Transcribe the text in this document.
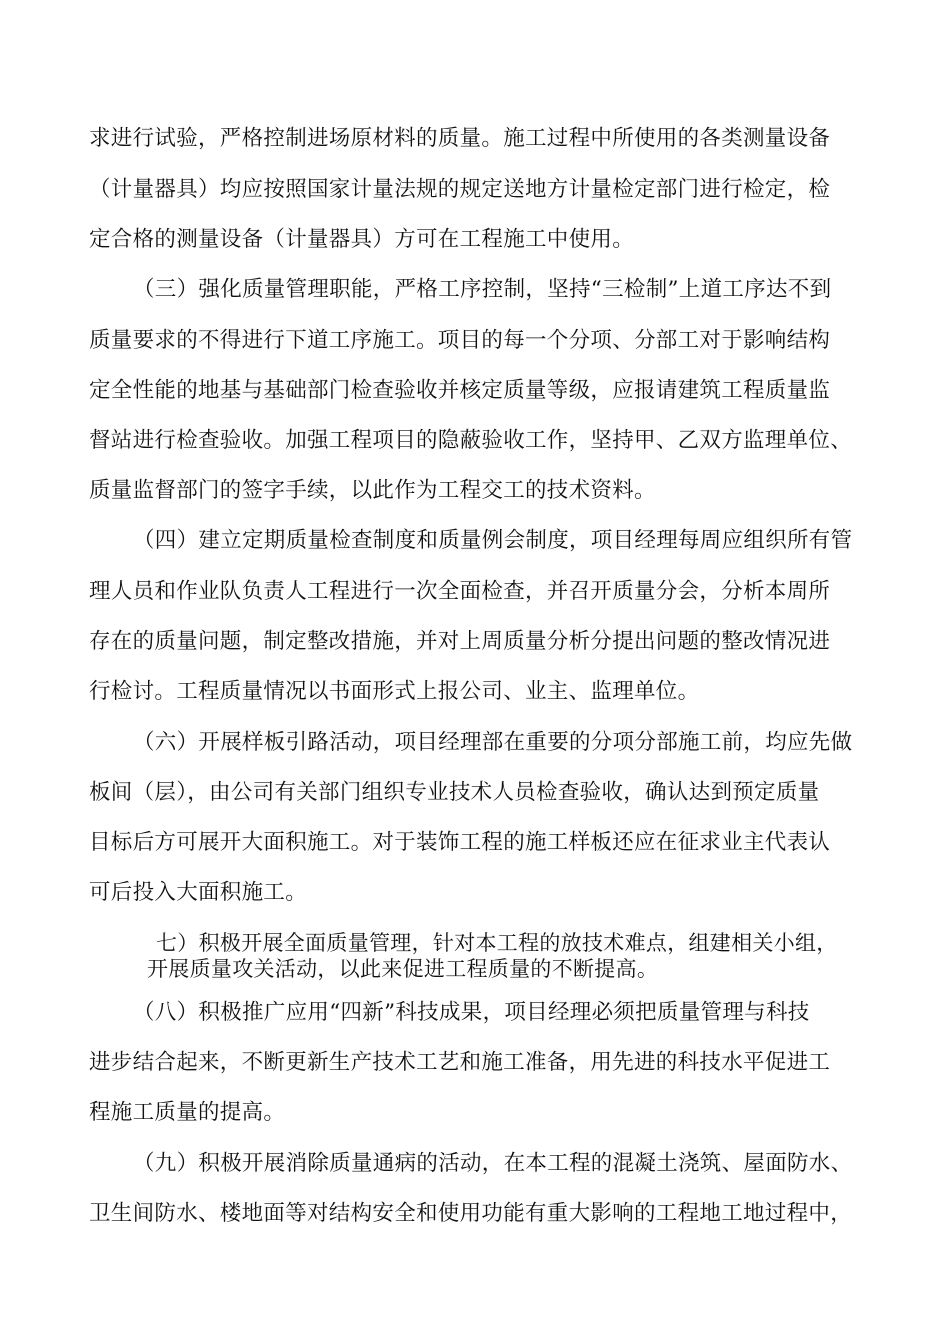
求进行试验，严格控制进场原材料的质量。施工过程中所使用的各类测量设备
（计量器具）均应按照国家计量法规的规定送地方计量检定部门进行检定，检
定合格的测量设备（计量器具）方可在工程施工中使用。
（三）强化质量管理职能，严格工序控制，坚持“三检制”上道工序达不到
质量要求的不得进行下道工序施工。项目的每一个分项、分部工对于影响结构
定全性能的地基与基础部门检查验收并核定质量等级，应报请建筑工程质量监
督站进行检查验收。加强工程项目的隐蔽验收工作，坚持甲、乙双方监理单位、
质量监督部门的签字手续，以此作为工程交工的技术资料。
（四）建立定期质量检查制度和质量例会制度，项目经理每周应组织所有管
理人员和作业队负责人工程进行一次全面检查，并召开质量分会，分析本周所
存在的质量问题，制定整改措施，并对上周质量分析分提出问题的整改情况进
行检讨。工程质量情况以书面形式上报公司、业主、监理单位。
（六）开展样板引路活动，项目经理部在重要的分项分部施工前，均应先做
板间（层），由公司有关部门组织专业技术人员检查验收，确认达到预定质量
目标后方可展开大面积施工。对于装饰工程的施工样板还应在征求业主代表认
可后投入大面积施工。
七）积极开展全面质量管理，针对本工程的放技术难点，组建相关小组，
开展质量攻关活动，以此来促进工程质量的不断提高。
（八）积极推广应用“四新”科技成果，项目经理必须把质量管理与科技
进步结合起来，不断更新生产技术工艺和施工准备，用先进的科技水平促进工
程施工质量的提高。
（九）积极开展消除质量通病的活动，在本工程的混凝土浇筑、屋面防水、
卫生间防水、楼地面等对结构安全和使用功能有重大影响的工程地工地过程中，
